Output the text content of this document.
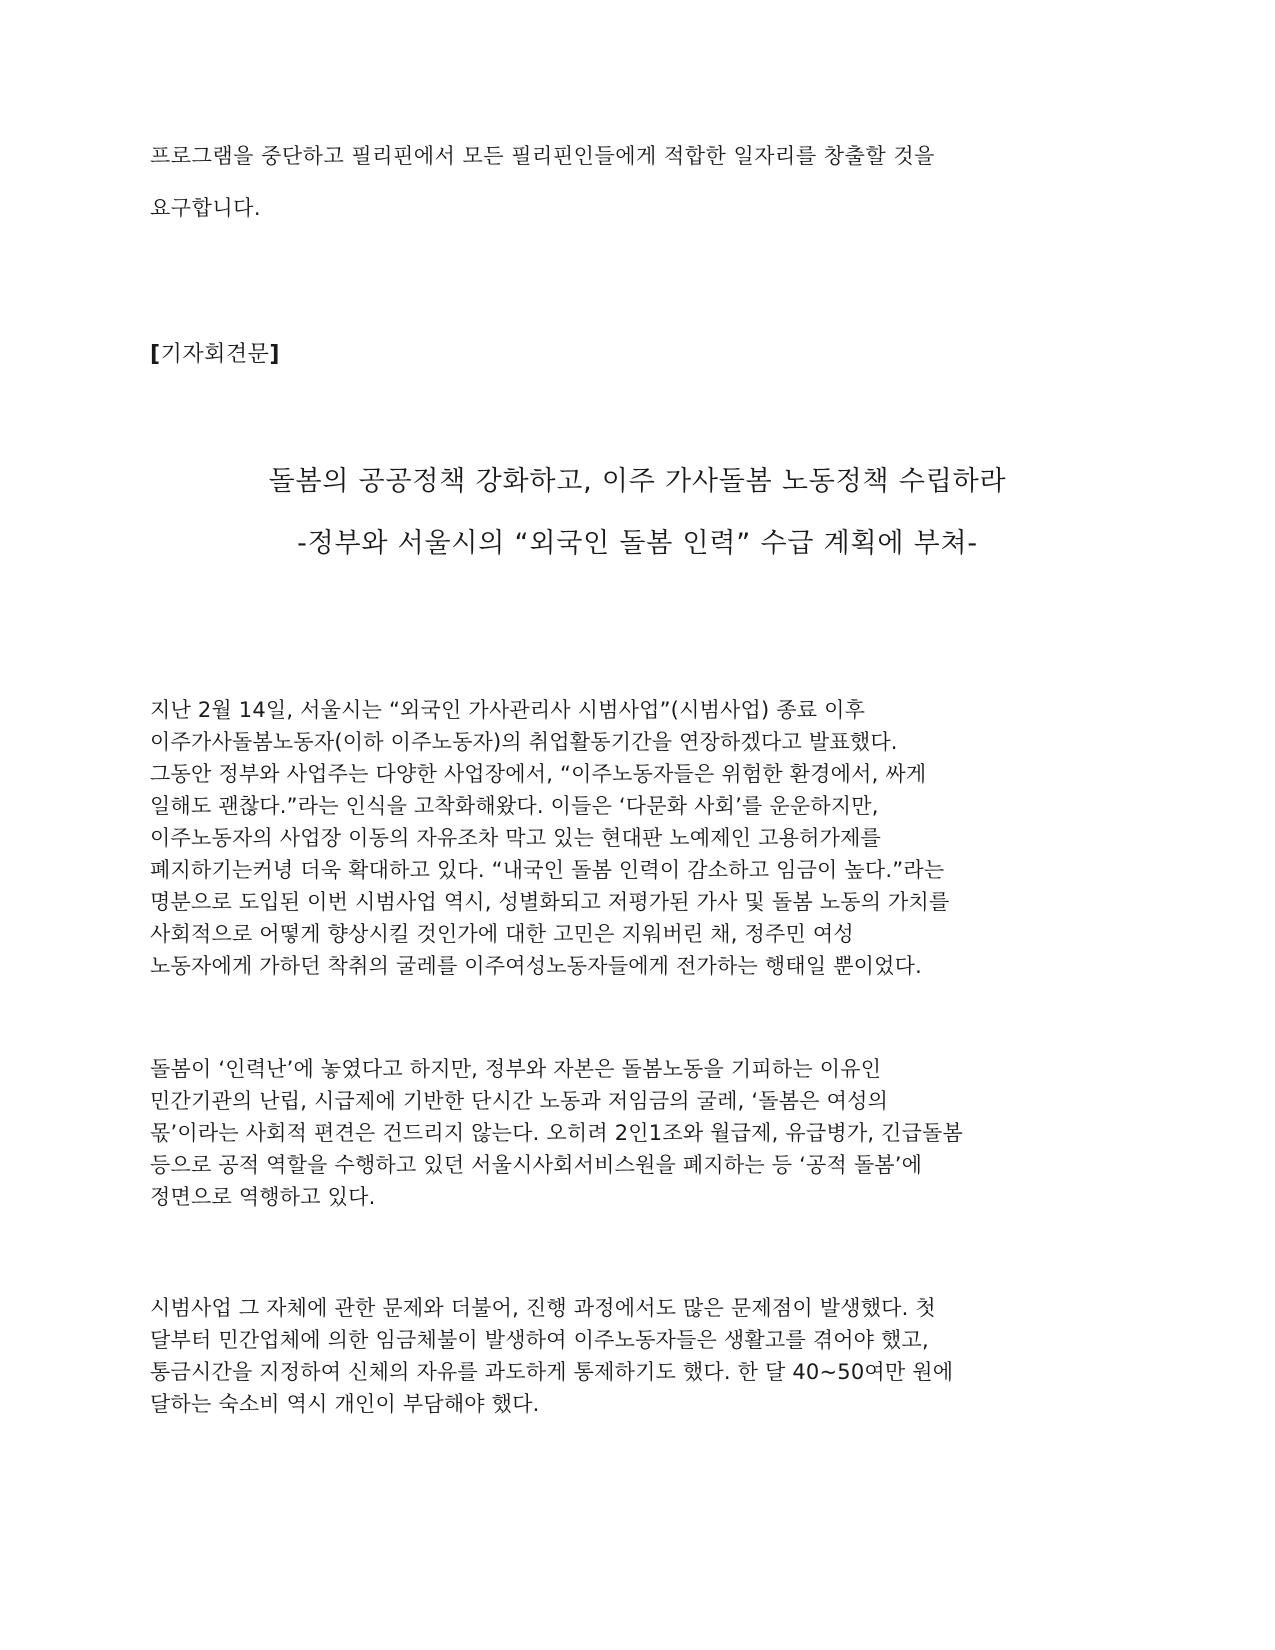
프로그램을 중단하고 필리핀에서 모든 필리핀인들에게 적합한 일자리를 창출할 것을
요구합니다.
[기자회견문]
돌봄의 공공정책 강화하고, 이주 가사돌봄 노동정책 수립하라
-정부와 서울시의 “외국인 돌봄 인력” 수급 계획에 부쳐-
지난 2월 14일, 서울시는 “외국인 가사관리사 시범사업”(시범사업) 종료 이후
이주가사돌봄노동자(이하 이주노동자)의 취업활동기간을 연장하겠다고 발표했다.
그동안 정부와 사업주는 다양한 사업장에서, “이주노동자들은 위험한 환경에서, 싸게
일해도 괜찮다.”라는 인식을 고착화해왔다. 이들은 ‘다문화 사회’를 운운하지만,
이주노동자의 사업장 이동의 자유조차 막고 있는 현대판 노예제인 고용허가제를
폐지하기는커녕 더욱 확대하고 있다. “내국인 돌봄 인력이 감소하고 임금이 높다.”라는
명분으로 도입된 이번 시범사업 역시, 성별화되고 저평가된 가사 및 돌봄 노동의 가치를
사회적으로 어떻게 향상시킬 것인가에 대한 고민은 지워버린 채, 정주민 여성
노동자에게 가하던 착취의 굴레를 이주여성노동자들에게 전가하는 행태일 뿐이었다.
돌봄이 ‘인력난’에 놓였다고 하지만, 정부와 자본은 돌봄노동을 기피하는 이유인
민간기관의 난립, 시급제에 기반한 단시간 노동과 저임금의 굴레, ‘돌봄은 여성의
몫’이라는 사회적 편견은 건드리지 않는다. 오히려 2인1조와 월급제, 유급병가, 긴급돌봄
등으로 공적 역할을 수행하고 있던 서울시사회서비스원을 폐지하는 등 ‘공적 돌봄’에
정면으로 역행하고 있다.
시범사업 그 자체에 관한 문제와 더불어, 진행 과정에서도 많은 문제점이 발생했다. 첫
달부터 민간업체에 의한 임금체불이 발생하여 이주노동자들은 생활고를 겪어야 했고,
통금시간을 지정하여 신체의 자유를 과도하게 통제하기도 했다. 한 달 40~50여만 원에
달하는 숙소비 역시 개인이 부담해야 했다.
